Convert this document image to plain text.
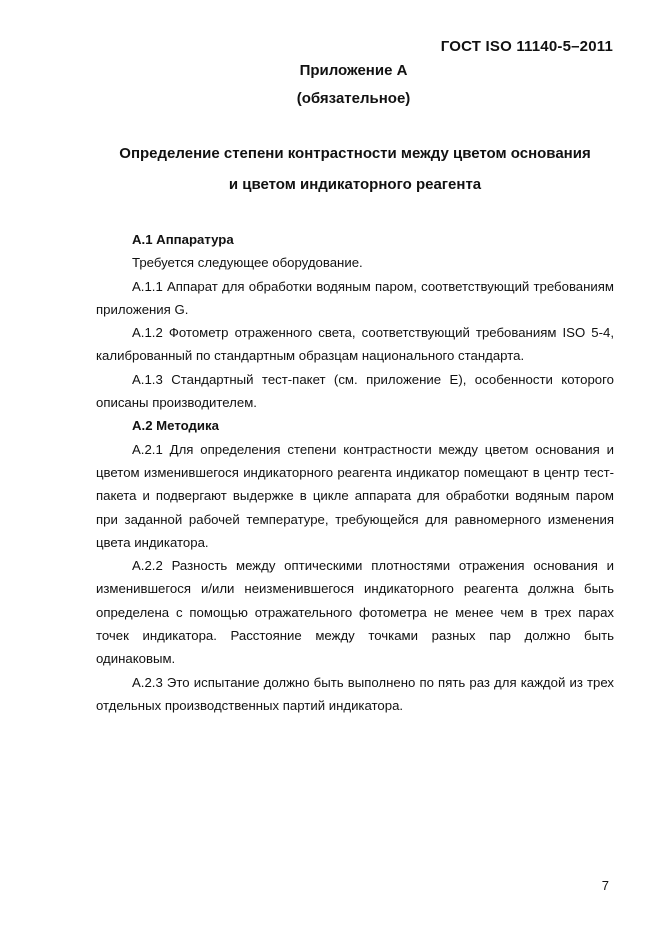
ГОСТ ISO 11140-5–2011
Приложение А
(обязательное)
Определение степени контрастности между цветом основания
и цветом индикаторного реагента

А.1 Аппаратура

Требуется следующее оборудование.

А.1.1 Аппарат для обработки водяным паром, соответствующий требованиям приложения G.

А.1.2 Фотометр отраженного света, соответствующий требованиям ISO 5-4, калиброванный по стандартным образцам национального стандарта.

А.1.3 Стандартный тест-пакет (см. приложение Е), особенности которого описаны производителем.

А.2 Методика

А.2.1 Для определения степени контрастности между цветом основания и цветом изменившегося индикаторного реагента индикатор помещают в центр тест-пакета и подвергают выдержке в цикле аппарата для обработки водяным паром при заданной рабочей температуре, требующейся для равномерного изменения цвета индикатора.

А.2.2 Разность между оптическими плотностями отражения основания и изменившегося и/или неизменившегося индикаторного реагента должна быть определена с помощью отражательного фотометра не менее чем в трех парах точек индикатора. Расстояние между точками разных пар должно быть одинаковым.

А.2.3 Это испытание должно быть выполнено по пять раз для каждой из трех отдельных производственных партий индикатора.

7
